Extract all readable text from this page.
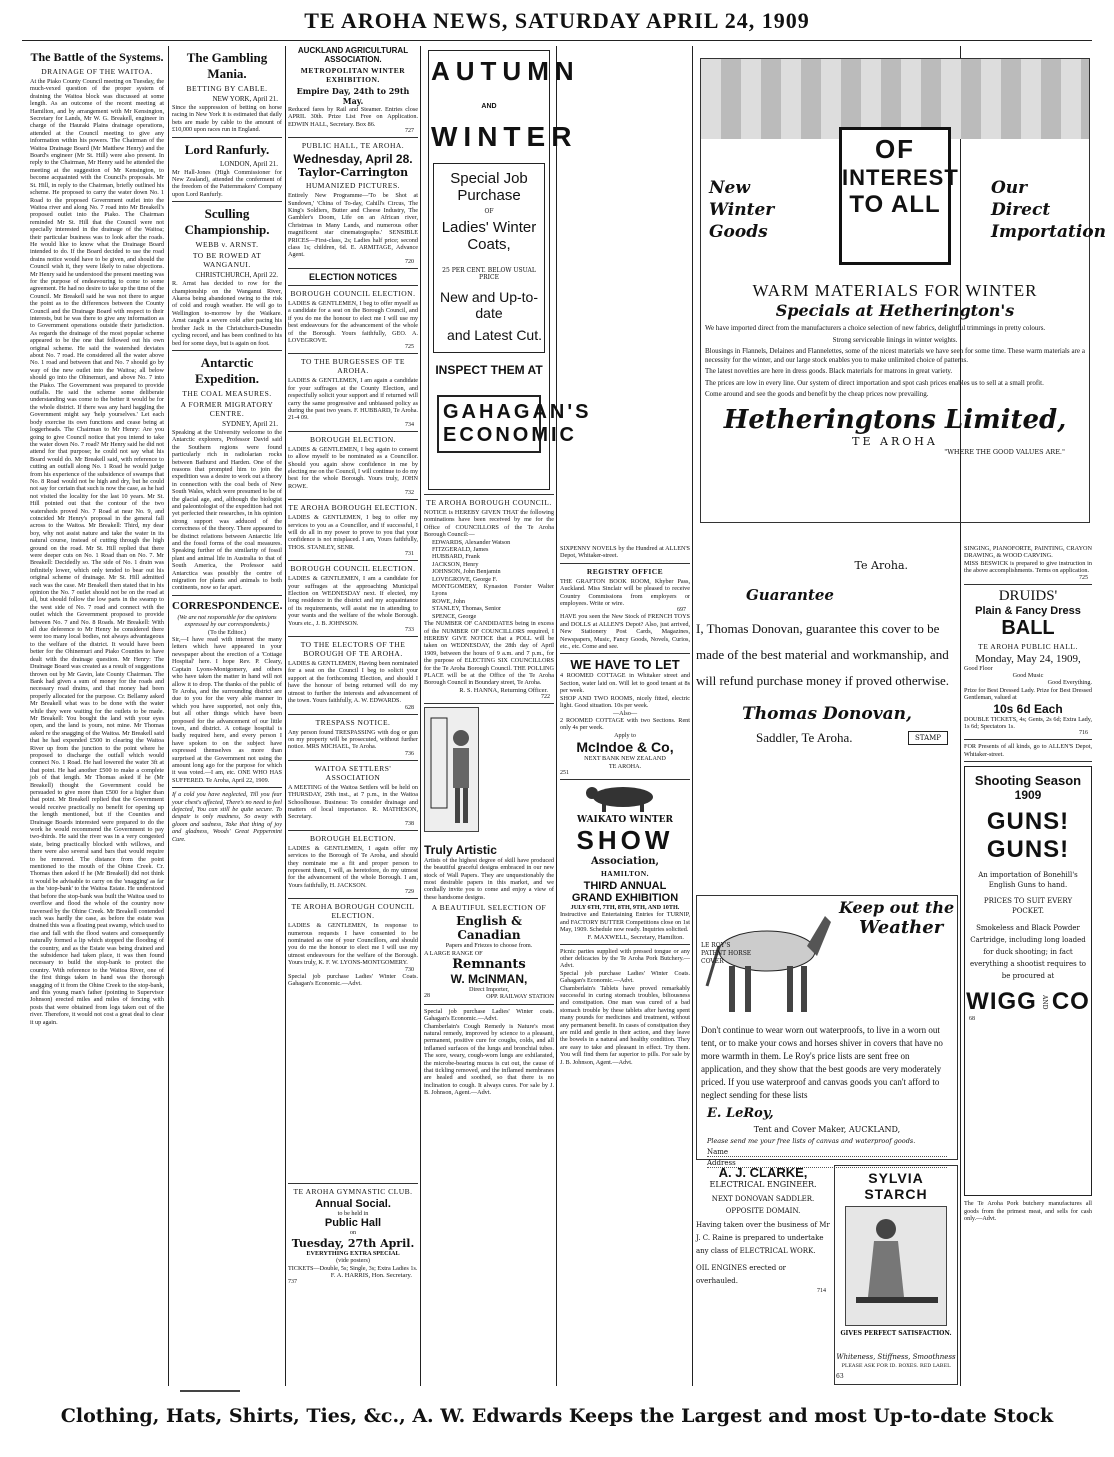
TE AROHA NEWS, SATURDAY APRIL 24, 1909
The Battle of the Systems.
DRAINAGE OF THE WAITOA.
At the Piako County Council meeting on Tuesday, the much-vexed question of the proper system of draining the Waitoa block was discussed at some length. As an outcome of the recent meeting at Hamilton, and by arrangement with Mr Kensington, Secretary for Lands, Mr W. G. Breakell, engineer in charge of the Hauraki Plains drainage operations, attended at the Council meeting to give any information within his powers. The Chairman of the Waitoa Drainage Board (Mr Matthew Henry) and the Board's engineer (Mr St. Hill) were also present. In reply to the Chairman, Mr Henry said he attended the meeting at the suggestion of Mr Kensington, to become acquainted with the Council's proposals. Mr St. Hill, in reply to the Chairman, briefly outlined his scheme. He proposed to carry the water down No. 1 Road to the proposed Government outlet into the Waitoa river and along No. 7 road into Mr Breakell's proposed outlet into the Piako. The Chairman reminded Mr St. Hill that the Council were not specially interested in the drainage of the Waitoa; their particular business was to look after the roads. He would like to know what the Drainage Board intended to do. If the Board decided to use the road drains notice would have to be given, and should the Council wish it, they were likely to raise objections. Mr Henry said he understood the present meeting was for the purpose of endeavouring to come to some agreement. He had no desire to take up the time of the Council. Mr Breakell said he was not there to argue the point as to the differences between the County Council and the Drainage Board with respect to their interests, but he was there to give any information as to Government operations outside their jurisdiction. As regards the drainage of the most popular scheme appeared to be the one that followed out his own original scheme. He said the watershed deviates about No. 7 road. He considered all the water above No. 1 road and between that and No. 7 should go by way of the new outlet into the Waitoa; all below should go into the Ohinemuri, and above No. 7 into the Piako. The Government was prepared to provide outfalls. He said the scheme some deliberate understanding was come to the better it would be for the whole district. If there was any hard haggling the Government might say 'help yourselves.' Let each body exercise its own functions and cease being at loggerheads. The Chairman to Mr Henry: Are you going to give Council notice that you intend to take the water down No. 7 road? Mr Henry said he did not attend for that purpose; he could not say what his Board would do. Mr Breakell said, with reference to cutting an outfall along No. 1 Road he would judge from his experience of the subsidence of swamps that No. 8 Road would not be high and dry, but he could not say for certain that such is now the case, as he had not visited the locality for the last 10 years. Mr St. Hill pointed out that the contour of the two watersheds proved No. 7 Road at near No. 9, and coincided Mr Henry's proposal in the general fall across to the Waitoa. Mr Breakell: Third, my dear boy, why not assist nature and take the water in its natural course, instead of cutting through the high ground on the road. Mr St. Hill replied that there were deeper cuts on No. 1 Road than on No. 7. Mr Breakell: Decidedly so. The side of No. 1 drain was infinitely lower, which only tended to bear out his original scheme of drainage. Mr St. Hill admitted such was the case. Mr Breakell then stated that in his opinion the No. 7 outlet should not be on the road at all, but should follow the low parts in the swamp to the west side of No. 7 road and connect with the outlet which the Government proposed to provide between No. 7 and No. 8 Roads. Mr Breakell: With all due deference to Mr Henry he considered there were too many local bodies, not always advantageous to the welfare of the district. It would have been better for the Ohinemuri and Piako Counties to have dealt with the drainage question. Mr Henry: The Drainage Board was created as a result of suggestions thrown out by Mr Gavin, late County Chairman. The Bank had given a sum of money for the roads and necessary road drains, and that money had been properly allocated for the purpose. Cr. Bellamy asked Mr Breakell what was to be done with the water while they were waiting for the outlets to be made. Mr Breakell: You bought the land with your eyes open, and the land is yours, not mine. Mr Thomas asked re the snagging of the Waitoa. Mr Breakell said that he had expended £500 in clearing the Waitoa River up from the junction to the point where he proposed to discharge the outfall which would connect No. 1 Road. He had lowered the water 3ft at that point. He had another £500 to make a complete job of that length. Mr Thomas asked if he (Mr Breakell) thought the Government could be persuaded to give more than £500 for a higher than that point. Mr Breakell replied that the Government would receive practically no benefit for opening up the length mentioned, but if the Counties and Drainage Boards interested were prepared to do the work he would recommend the Government to pay two-thirds. He said the river was in a very congested state, being practically blocked with willows, and there were also several sand bars that would require to be removed. The distance from the point mentioned to the mouth of the Ohine Creek. Cr. Thomas then asked if he (Mr Breakell) did not think it would be advisable to carry on the 'snagging' as far as the 'stop-bank' to the Waitoa Estate. He understood that before the stop-bank was built the Waitoa used to overflow and flood the whole of the country now traversed by the Ohine Creek. Mr Breakell contended such was hardly the case, as before the estate was drained this was a floating peat swamp, which used to rise and fall with the flood waters and consequently naturally formed a lip which stopped the flooding of the country, and as the Estate was being drained and the subsidence had taken place, it was then found necessary to build the stop-bank to protect the country. With reference to the Waitoa River, one of the first things taken in hand was the thorough snagging of it from the Ohine Creek to the stop-bank, and this young man's father (pointing to Supervisor Johnson) erected miles and miles of fencing with posts that were obtained from logs taken out of the river. Therefore, it would not cost a great deal to clear it up again.
The Gambling Mania.
BETTING BY CABLE.
NEW YORK, April 21.
Since the suppression of betting on horse racing in New York it is estimated that daily bets are made by cable to the amount of £10,000 upon races run in England.
Lord Ranfurly.
LONDON, April 21.
Mr Hall-Jones (High Commissioner for New Zealand), attended the conferment of the freedom of the Patternmakers' Company upon Lord Ranfurly.
Sculling Championship.
WEBB v. ARNST.
TO BE ROWED AT WANGANUI.
CHRISTCHURCH, April 22.
R. Arnst has decided to row for the championship on the Wanganui River, Akaroa being abandoned owing to the risk of cold and rough weather. He will go to Wellington to-morrow by the Waikare. Arnst caught a severe cold after pacing his brother Jack in the Christchurch-Dunedin cycling record, and has been confined to his bed for some days, but is again on foot.
Antarctic Expedition.
THE COAL MEASURES.
A FORMER MIGRATORY CENTRE.
SYDNEY, April 21.
Speaking at the University welcome to the Antarctic explorers, Professor David said the Southern regions were found particularly rich in radiolarian rocks between Bathurst and Harden. One of the reasons that prompted him to join the expedition was a desire to work out a theory in connection with the coal beds of New South Wales, which were presumed to be of the glacial age, and, although the biologist and paleontologist of the expedition had not yet perfected their researches, in his opinion strong support was adduced of the correctness of the theory. There appeared to be distinct relations between Antarctic life and the fossil forms of the coal measures. Speaking further of the similarity of fossil plant and animal life in Australia to that of South America, the Professor said Antarctica was possibly the centre of migration for plants and animals to both continents, now so far apart.
CORRESPONDENCE.
(We are not responsible for the opinions expressed by our correspondents.)
(To the Editor.)
Sir,—I have read with interest the many letters which have appeared in your newspaper about the erection of a 'Cottage Hospital' here. I hope Rev. P. Cleary, Captain Lyons-Montgomery, and others who have taken the matter in hand will not allow it to drop. The thanks of the public of Te Aroha, and the surrounding district are due to you for the very able manner in which you have supported, not only this, but all other things which have been proposed for the advancement of our little town, and district. A cottage hospital is badly required here, and every person I have spoken to on the subject have expressed themselves as more than surprised at the Government not using the amount long ago for the purpose for which it was voted.—I am, etc. ONE WHO HAS SUFFERED. Te Aroha, April 22, 1909.
If a cold you have neglected, Till you fear your chest's affected, There's no need to feel dejected, You can still be quite secure. To despair is only madness, So away with gloom and sadness, Take that thing of joy and gladness, Woods' Great Peppermint Cure.
AUCKLAND AGRICULTURAL ASSOCIATION.
METROPOLITAN WINTER EXHIBITION.
Empire Day, 24th to 29th May.
Reduced fares by Rail and Steamer. Entries close APRIL 30th. Prize List Free on Application. EDWIN HALL, Secretary. Box 86.
727
PUBLIC HALL, TE AROHA.
Wednesday, April 28.
Taylor-Carrington
HUMANIZED PICTURES.
Entirely New Programme—'To be Shot at Sundown,' 'China of To-day, Cahill's Circus, The King's Soldiers, Butter and Cheese Industry, The Gambler's Doom, Life on an African river, Christmas in Many Lands, and numerous other magnificent star cinematographs.' SENSIBLE PRICES—First-class, 2s; Ladies half price; second class 1s; children, 6d. E. ARMITAGE, Advance Agent.
720
ELECTION NOTICES
BOROUGH COUNCIL ELECTION.
LADIES & GENTLEMEN, I beg to offer myself as a candidate for a seat on the Borough Council, and if you do me the honour to elect me I will use my best endeavours for the advancement of the whole of the Borough. Yours faithfully, GEO. A. LOVEGROVE.
725
TO THE BURGESSES OF TE AROHA.
LADIES & GENTLEMEN, I am again a candidate for your suffrages at the County Election, and respectfully solicit your support and if returned will carry the same progressive and unbiassed policy as during the past two years. F. HUBBARD, Te Aroha. 21-4 09.
734
BOROUGH ELECTION.
LADIES & GENTLEMEN, I beg again to consent to allow myself to be nominated as a Councillor. Should you again show confidence in me by electing me on the Council, I will continue to do my best for the whole Borough. Yours truly, JOHN ROWE.
732
TE AROHA BOROUGH ELECTION.
LADIES & GENTLEMEN, I beg to offer my services to you as a Councillor, and if successful, I will do all in my power to prove to you that your confidence is not misplaced. I am, Yours faithfully, THOS. STANLEY, SENR.
731
BOROUGH COUNCIL ELECTION.
LADIES & GENTLEMEN, I am a candidate for your suffrages at the approaching Municipal Election on WEDNESDAY next. If elected, my long residence in the district and my acquaintance of its requirements, will assist me in attending to your wants and the welfare of the whole Borough. Yours etc., J. B. JOHNSON.
733
TO THE ELECTORS OF THE BOROUGH OF TE AROHA.
LADIES & GENTLEMEN, Having been nominated for a seat on the Council I beg to solicit your support at the forthcoming Election, and should I have the honour of being returned will do my utmost to further the interests and advancement of the town. Yours faithfully, A. W. EDWARDS.
628
TRESPASS NOTICE.
Any person found TRESPASSING with dog or gun on my property will be prosecuted, without further notice. MRS MICHAEL, Te Aroha.
736
WAITOA SETTLERS' ASSOCIATION
A MEETING of the Waitoa Settlers will be held on THURSDAY, 29th inst., at 7 p.m., in the Waitoa Schoolhouse. Business: To consider drainage and matters of local importance. R. MATHESON, Secretary.
738
BOROUGH ELECTION.
LADIES & GENTLEMEN, I again offer my services to the Borough of Te Aroha, and should they nominate me a fit and proper person to represent them, I will, as heretofore, do my utmost for the advancement of the whole Borough. I am, Yours faithfully, H. JACKSON.
729
TE AROHA BOROUGH COUNCIL ELECTION.
LADIES & GENTLEMEN, In response to numerous requests I have consented to be nominated as one of your Councillors, and should you do me the honour to elect me I will use my utmost endeavours for the welfare of the Borough. Yours truly, K. F. W. LYONS-MONTGOMERY.
730
Special job purchase Ladies' Winter Coats. Gahagan's Economic.—Advt.
TE AROHA GYMNASTIC CLUB.
Annual Social.
to be held in
Public Hall
on
Tuesday, 27th April.
EVERYTHING EXTRA SPECIAL
(vide posters)
TICKETS—Double, 5s; Single, 3s; Extra Ladies 1s.
F. A. HARRIS, Hon. Secretary.
737
AUTUMN AND
WINTER
Special Job Purchase
OF
Ladies' Winter Coats,
25 PER CENT. BELOW USUAL PRICE
New and Up-to-date
and Latest Cut.
INSPECT THEM AT
GAHAGAN'S
ECONOMIC
TE AROHA BOROUGH COUNCIL.
NOTICE is HEREBY GIVEN THAT the following nominations have been received by me for the Office of COUNCILLORS of the Te Aroha Borough Council:—
EDWARDS, Alexander Watson
FITZGERALD, James
HUBBARD, Frank
JACKSON, Henry
JOHNSON, John Benjamin
LOVEGROVE, George F.
MONTGOMERY, Kynaston Forster Walter Lyons
ROWE, John
STANLEY, Thomas, Senior
SPENCE, George
The NUMBER OF CANDIDATES being in excess of the NUMBER OF COUNCILLORS required, I HEREBY GIVE NOTICE that a POLL will be taken on WEDNESDAY, the 28th day of April 1909, between the hours of 9 a.m. and 7 p.m., for the purpose of ELECTING SIX COUNCILLORS for the Te Aroha Borough Council. THE POLLING PLACE will be at the Office of the Te Aroha Borough Council in Boundary street, Te Aroha.
R. S. HANNA, Returning Officer.
722
Truly Artistic
Artists of the highest degree of skill have produced the beautiful graceful designs embraced in our new stock of Wall Papers. They are unquestionably the most desirable papers in this market, and we cordially invite you to come and enjoy a view of these handsome designs.
A BEAUTIFUL SELECTION OF
English & Canadian
Papers and Friezes to choose from.
A LARGE RANGE OF
Remnants
W. McINMAN,
Direct Importer,
28	OPP. RAILWAY STATION
Special job purchase Ladies' Winter coats. Gahagan's Economic.—Advt.
Chamberlain's Cough Remedy is Nature's most natural remedy, improved by science to a pleasant, permanent, positive cure for coughs, colds, and all inflamed surfaces of the lungs and bronchial tubes. The sore, weary, cough-worn lungs are exhilarated, the microbe-bearing mucus is cut out, the cause of that tickling removed, and the inflamed membranes are healed and soothed, so that there is no inclination to cough. It always cures. For sale by J. B. Johnson, Agent.—Advt.
SIXPENNY NOVELS by the Hundred at ALLEN'S Depot, Whitaker-street.
REGISTRY OFFICE
THE GRAFTON BOOK ROOM, Khyber Pass, Auckland. Miss Sinclair will be pleased to receive Country Commissions from employers or employees. Write or wire.
697
HAVE you seen the New Stock of FRENCH TOYS and DOLLS at ALLEN'S Depot? Also, just arrived, New Stationery Post Cards, Magazines, Newspapers, Music, Fancy Goods, Novels, Curios, etc., etc. Come and see.
WE HAVE TO LET
4 ROOMED COTTAGE in Whitaker street and Section, water laid on. Will let to good tenant at 8s per week.
SHOP AND TWO ROOMS, nicely fitted, electric light. Good situation. 10s per week.
—Also—
2 ROOMED COTTAGE with two Sections. Rent only 4s per week.
Apply to
McIndoe & Co,
NEXT BANK NEW ZEALAND
TE AROHA.
251
WAIKATO WINTER
SHOW
Association,
HAMILTON.
THIRD ANNUAL
GRAND EXHIBITION
JULY 6TH, 7TH, 8TH, 9TH, AND 10TH.
Instructive and Entertaining Entries for TURNIP, and FACTORY BUTTER Competitions close on 1st May, 1909. Schedule now ready. Inquiries solicited.
F. MAXWELL, Secretary, Hamilton.
Picnic parties supplied with pressed tongue or any other delicacies by the Te Aroha Pork Butchery.—Advt.
Special job purchase Ladies' Winter Coats. Gahagan's Economic.—Advt.
Chamberlain's Tablets have proved remarkably successful in curing stomach troubles, biliousness and constipation. One man was cured of a bad stomach trouble by these tablets after having spent many pounds for medicines and treatment, without any permanent benefit. In cases of constipation they are mild and gentle in their action, and they leave the bowels in a natural and healthy condition. They are easy to take and pleasant in effect. Try them. You will find them far superior to pills. For sale by J. B. Johnson, Agent.—Advt.
OF
INTEREST
TO ALL
New
Winter
Goods
Our
Direct
Importation
WARM MATERIALS FOR WINTER
Specials at Hetherington's
We have imported direct from the manufacturers a choice selection of new fabrics, delightful trimmings in pretty colours.
Strong serviceable linings in winter weights.
Blousings in Flannels, Delaines and Flannelettes, some of the nicest materials we have seen for some time. These warm materials are a necessity for the winter, and our large stock enables you to make unlimited choice of patterns.
The latest novelties are here in dress goods. Black materials for matrons in great variety.
The prices are low in every line. Our system of direct importation and spot cash prices enables us to sell at a small profit.
Come around and see the goods and benefit by the cheap prices now prevailing.
Hetheringtons Limited,
TE AROHA
"WHERE THE GOOD VALUES ARE."
Te Aroha.
Guarantee
I, Thomas Donovan, guarantee this cover to be made of the best material and workmanship, and will refund purchase money if proved otherwise.
Thomas Donovan,
Saddler, Te Aroha.	STAMP
LE ROY'S PATENT HORSE COVER
Keep out the
Weather
Don't continue to wear worn out waterproofs, to live in a worn out tent, or to make your cows and horses shiver in covers that have no more warmth in them. Le Roy's price lists are sent free on application, and they show that the best goods are very moderately priced. If you use waterproof and canvas goods you can't afford to neglect sending for these lists
E. LeRoy,
Tent and Cover Maker, AUCKLAND,
Please send me your free lists of canvas and waterproof goods.
Name
Address
A. J. CLARKE,
ELECTRICAL ENGINEER.
NEXT DONOVAN SADDLER.
OPPOSITE DOMAIN.
Having taken over the business of Mr J. C. Raine is prepared to undertake any class of ELECTRICAL WORK.
OIL ENGINES erected or overhauled.
714
SYLVIA STARCH
GIVES PERFECT SATISFACTION.
Whiteness, Stiffness, Smoothness
PLEASE ASK FOR ID. BOXES. RED LABEL
63
SINGING, PIANOFORTE, PAINTING, CRAYON DRAWING, & WOOD CARVING.
MISS BESWICK is prepared to give instruction in the above accomplishments. Terms on application.
725
DRUIDS'
Plain & Fancy Dress
BALL
TE AROHA PUBLIC HALL.
Monday, May 24, 1909,
Good Floor
Good Music
Good Everything.
Prize for Best Dressed Lady. Prize for Best Dressed Gentleman, valued at
10s 6d Each
DOUBLE TICKETS, 4s; Gents, 2s 6d; Extra Lady, 1s 6d; Spectators 1s.
716
FOR Presents of all kinds, go to ALLEN'S Depot, Whitaker-street.
Shooting Season
1909
GUNS!
GUNS!
An importation of Bonehill's English Guns to hand.
PRICES TO SUIT EVERY POCKET.
Smokeless and Black Powder Cartridge, including long loaded for duck shooting; in fact everything a shootist requires to be procured at
WIGG AND CO
68
The Te Aroha Pork butchery manufactures all goods from the primest meat, and sells for cash only.—Advt.
Clothing, Hats, Shirts, Ties, &c., A. W. Edwards Keeps the Largest and most Up-to-date Stock
